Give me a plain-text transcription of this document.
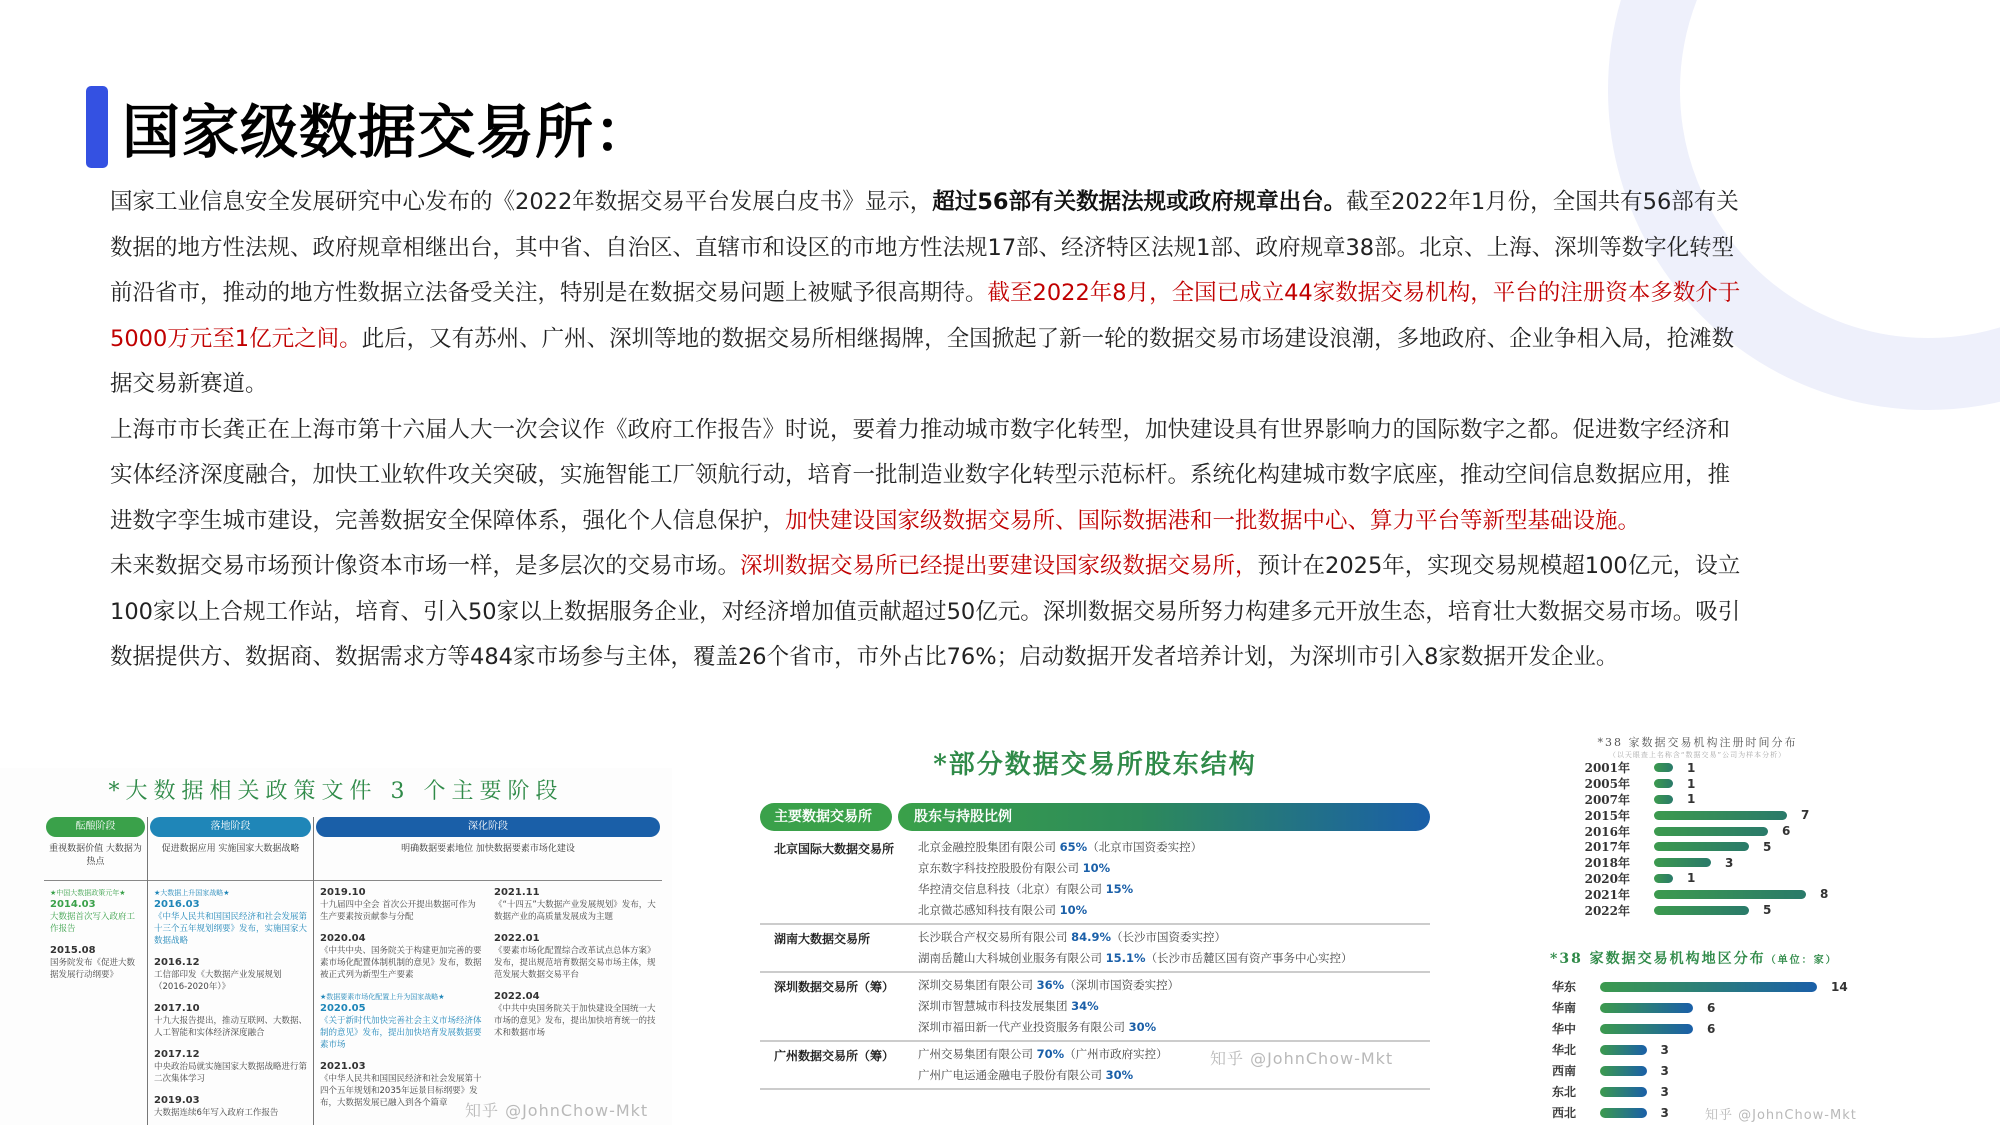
国家级数据交易所：

国家工业信息安全发展研究中心发布的《2022年数据交易平台发展白皮书》显示，超过56部有关数据法规或政府规章出台。截至2022年1月份，全国共有56部有关数据的地方性法规、政府规章相继出台，其中省、自治区、直辖市和设区的市地方性法规17部、经济特区法规1部、政府规章38部。北京、上海、深圳等数字化转型前沿省市，推动的地方性数据立法备受关注，特别是在数据交易问题上被赋予很高期待。截至2022年8月，全国已成立44家数据交易机构，平台的注册资本多数介于5000万元至1亿元之间。此后，又有苏州、广州、深圳等地的数据交易所相继揭牌，全国掀起了新一轮的数据交易市场建设浪潮，多地政府、企业争相入局，抢滩数据交易新赛道。

上海市市长龚正在上海市第十六届人大一次会议作《政府工作报告》时说，要着力推动城市数字化转型，加快建设具有世界影响力的国际数字之都。促进数字经济和实体经济深度融合，加快工业软件攻关突破，实施智能工厂领航行动，培育一批制造业数字化转型示范标杆。系统化构建城市数字底座，推动空间信息数据应用，推进数字孪生城市建设，完善数据安全保障体系，强化个人信息保护，加快建设国家级数据交易所、国际数据港和一批数据中心、算力平台等新型基础设施。

未来数据交易市场预计像资本市场一样，是多层次的交易市场。深圳数据交易所已经提出要建设国家级数据交易所，预计在2025年，实现交易规模超100亿元，设立100家以上合规工作站，培育、引入50家以上数据服务企业，对经济增加值贡献超过50亿元。深圳数据交易所努力构建多元开放生态，培育壮大数据交易市场。吸引数据提供方、数据商、数据需求方等484家市场参与主体，覆盖26个省市，市外占比76%；启动数据开发者培养计划，为深圳市引入8家数据开发企业。

*大数据相关政策文件 3 个主要阶段
酝酿阶段
重视数据价值 大数据为热点
★中国大数据政策元年★
2014.03
大数据首次写入政府工作报告
2015.08
国务院发布《促进大数据发展行动纲要》
落地阶段
促进数据应用 实施国家大数据战略
★大数据上升国家战略★
2016.03
《中华人民共和国国民经济和社会发展第十三个五年规划纲要》发布，实施国家大数据战略
2016.12
工信部印发《大数据产业发展规划（2016-2020年）》
2017.10
十九大报告提出，推动互联网、大数据、人工智能和实体经济深度融合
2017.12
中央政治局就实施国家大数据战略进行第二次集体学习
2019.03
大数据连续6年写入政府工作报告
深化阶段
明确数据要素地位 加快数据要素市场化建设
2019.10
十九届四中全会 首次公开提出数据可作为生产要素按贡献参与分配
2020.04
《中共中央、国务院关于构建更加完善的要素市场化配置体制机制的意见》发布，数据被正式列为新型生产要素
★数据要素市场化配置上升为国家战略★
2020.05
《关于新时代加快完善社会主义市场经济体制的意见》发布，提出加快培育发展数据要素市场
2021.03
《中华人民共和国国民经济和社会发展第十四个五年规划和2035年远景目标纲要》发布，大数据发展已融入到各个篇章
2021.11
《“十四五”大数据产业发展规划》发布，大数据产业的高质量发展成为主题
2022.01
《要素市场化配置综合改革试点总体方案》发布，提出规范培育数据交易市场主体，规范发展大数据交易平台
2022.04
《中共中央国务院关于加快建设全国统一大市场的意见》发布，提出加快培育统一的技术和数据市场
知乎 @JohnChow-Mkt
*部分数据交易所股东结构
主要数据交易所	股东与持股比例
北京国际大数据交易所	北京金融控股集团有限公司 65%（北京市国资委实控）
京东数字科技控股股份有限公司 10%
华控清交信息科技（北京）有限公司 15%
北京微芯感知科技有限公司 10%
湖南大数据交易所	长沙联合产权交易所有限公司 84.9%（长沙市国资委实控）
湖南岳麓山大科城创业服务有限公司 15.1%（长沙市岳麓区国有资产事务中心实控）
深圳数据交易所（筹）	深圳交易集团有限公司 36%（深圳市国资委实控）
深圳市智慧城市科技发展集团 34%
深圳市福田新一代产业投资服务有限公司 30%
广州数据交易所（筹）	广州交易集团有限公司 70%（广州市政府实控）
广州广电运通金融电子股份有限公司 30%
知乎 @JohnChow-Mkt
*38 家数据交易机构注册时间分布
（以天眼查上名称含“数据交易”公司为样本分析）
2001年	1
2005年	1
2007年	1
2015年	7
2016年	6
2017年	5
2018年	3
2020年	1
2021年	8
2022年	5
*38 家数据交易机构地区分布（单位：家）
华东	14
华南	6
华中	6
华北	3
西南	3
东北	3
西北	3	知乎 @JohnChow-Mkt
